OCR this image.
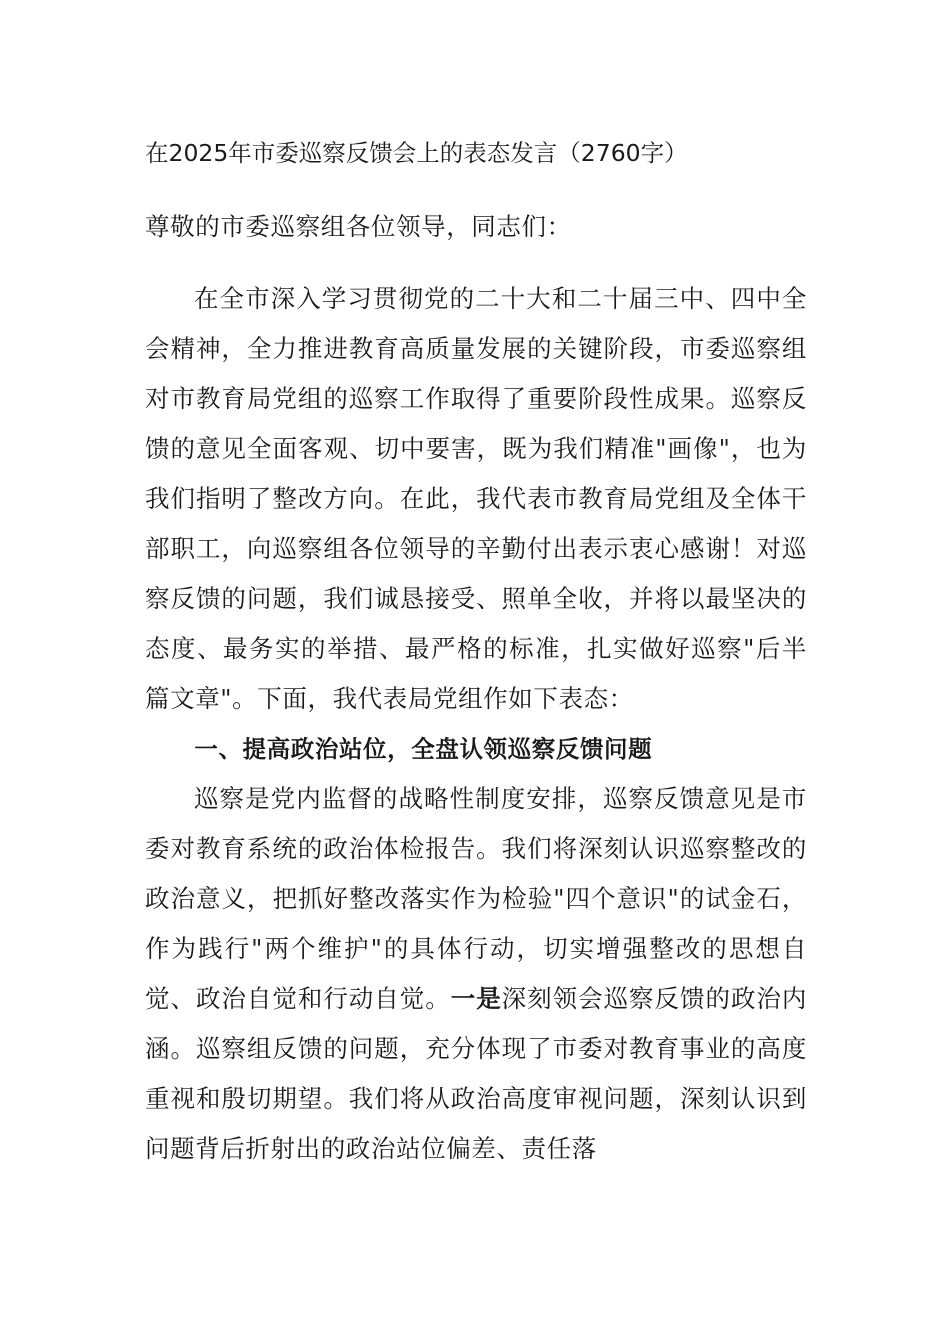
在2025年市委巡察反馈会上的表态发言（2760字）

尊敬的市委巡察组各位领导，同志们：

在全市深入学习贯彻党的二十大和二十届三中、四中全会精神，全力推进教育高质量发展的关键阶段，市委巡察组对市教育局党组的巡察工作取得了重要阶段性成果。巡察反馈的意见全面客观、切中要害，既为我们精准"画像"，也为我们指明了整改方向。在此，我代表市教育局党组及全体干部职工，向巡察组各位领导的辛勤付出表示衷心感谢！对巡察反馈的问题，我们诚恳接受、照单全收，并将以最坚决的态度、最务实的举措、最严格的标准，扎实做好巡察"后半篇文章"。下面，我代表局党组作如下表态：

一、提高政治站位，全盘认领巡察反馈问题

巡察是党内监督的战略性制度安排，巡察反馈意见是市委对教育系统的政治体检报告。我们将深刻认识巡察整改的政治意义，把抓好整改落实作为检验"四个意识"的试金石，作为践行"两个维护"的具体行动，切实增强整改的思想自觉、政治自觉和行动自觉。一是深刻领会巡察反馈的政治内涵。巡察组反馈的问题，充分体现了市委对教育事业的高度重视和殷切期望。我们将从政治高度审视问题，深刻认识到问题背后折射出的政治站位偏差、责任落
